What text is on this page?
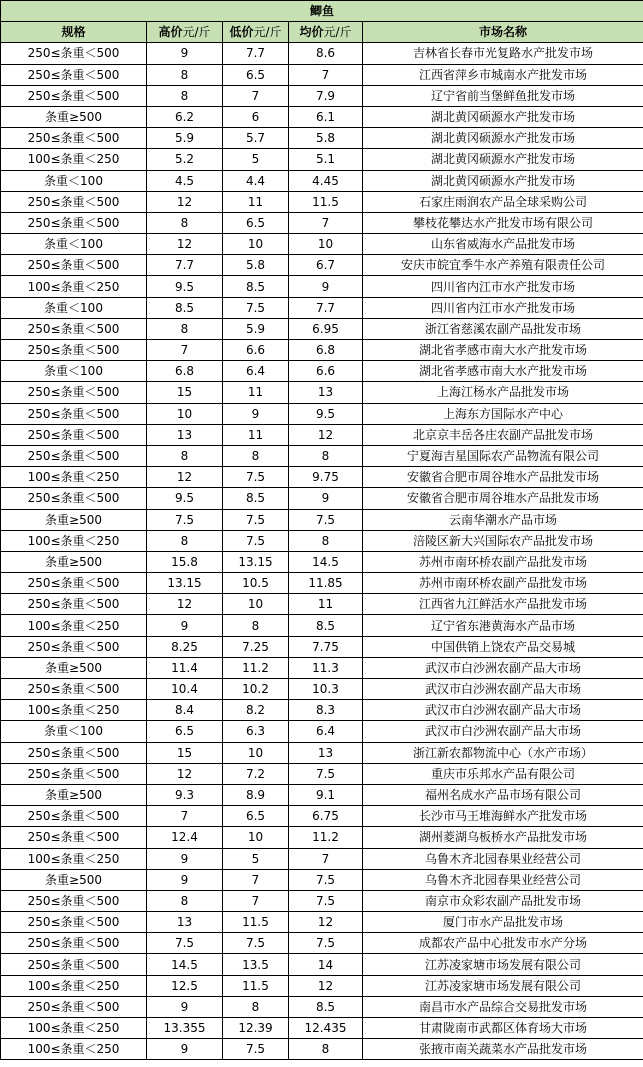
鲫鱼				
规格	高价元/斤	低价元/斤	均价元/斤	市场名称
250≤条重＜500	9	7.7	8.6	吉林省长春市光复路水产批发市场
250≤条重＜500	8	6.5	7	江西省萍乡市城南水产批发市场
250≤条重＜500	8	7	7.9	辽宁省前当堡鲜鱼批发市场
条重≥500	6.2	6	6.1	湖北黄冈硕源水产批发市场
250≤条重＜500	5.9	5.7	5.8	湖北黄冈硕源水产批发市场
100≤条重＜250	5.2	5	5.1	湖北黄冈硕源水产批发市场
条重＜100	4.5	4.4	4.45	湖北黄冈硕源水产批发市场
250≤条重＜500	12	11	11.5	石家庄雨润农产品全球采购公司
250≤条重＜500	8	6.5	7	攀枝花攀达水产批发市场有限公司
条重＜100	12	10	10	山东省威海水产品批发市场
250≤条重＜500	7.7	5.8	6.7	安庆市皖宜季牛水产养殖有限责任公司
100≤条重＜250	9.5	8.5	9	四川省内江市水产批发市场
条重＜100	8.5	7.5	7.7	四川省内江市水产批发市场
250≤条重＜500	8	5.9	6.95	浙江省慈溪农副产品批发市场
250≤条重＜500	7	6.6	6.8	湖北省孝感市南大水产批发市场
条重＜100	6.8	6.4	6.6	湖北省孝感市南大水产批发市场
250≤条重＜500	15	11	13	上海江杨水产品批发市场
250≤条重＜500	10	9	9.5	上海东方国际水产中心
250≤条重＜500	13	11	12	北京京丰岳各庄农副产品批发市场
250≤条重＜500	8	8	8	宁夏海吉星国际农产品物流有限公司
100≤条重＜250	12	7.5	9.75	安徽省合肥市周谷堆水产品批发市场
250≤条重＜500	9.5	8.5	9	安徽省合肥市周谷堆水产品批发市场
条重≥500	7.5	7.5	7.5	云南华潮水产品市场
100≤条重＜250	8	7.5	8	涪陵区新大兴国际农产品批发市场
条重≥500	15.8	13.15	14.5	苏州市南环桥农副产品批发市场
250≤条重＜500	13.15	10.5	11.85	苏州市南环桥农副产品批发市场
250≤条重＜500	12	10	11	江西省九江鲜活水产品批发市场
100≤条重＜250	9	8	8.5	辽宁省东港黄海水产品市场
250≤条重＜500	8.25	7.25	7.75	中国供销上饶农产品交易城
条重≥500	11.4	11.2	11.3	武汉市白沙洲农副产品大市场
250≤条重＜500	10.4	10.2	10.3	武汉市白沙洲农副产品大市场
100≤条重＜250	8.4	8.2	8.3	武汉市白沙洲农副产品大市场
条重＜100	6.5	6.3	6.4	武汉市白沙洲农副产品大市场
250≤条重＜500	15	10	13	浙江新农都物流中心（水产市场）
250≤条重＜500	12	7.2	7.5	重庆市乐邦水产品有限公司
条重≥500	9.3	8.9	9.1	福州名成水产品市场有限公司
250≤条重＜500	7	6.5	6.75	长沙市马王堆海鲜水产批发市场
250≤条重＜500	12.4	10	11.2	湖州菱湖乌板桥水产品批发市场
100≤条重＜250	9	5	7	乌鲁木齐北园春果业经营公司
条重≥500	9	7	7.5	乌鲁木齐北园春果业经营公司
250≤条重＜500	8	7	7.5	南京市众彩农副产品批发市场
250≤条重＜500	13	11.5	12	厦门市水产品批发市场
250≤条重＜500	7.5	7.5	7.5	成都农产品中心批发市水产分场
250≤条重＜500	14.5	13.5	14	江苏凌家塘市场发展有限公司
100≤条重＜250	12.5	11.5	12	江苏凌家塘市场发展有限公司
250≤条重＜500	9	8	8.5	南昌市水产品综合交易批发市场
100≤条重＜250	13.355	12.39	12.435	甘肃陇南市武都区体育场大市场
100≤条重＜250	9	7.5	8	张掖市南关蔬菜水产品批发市场
